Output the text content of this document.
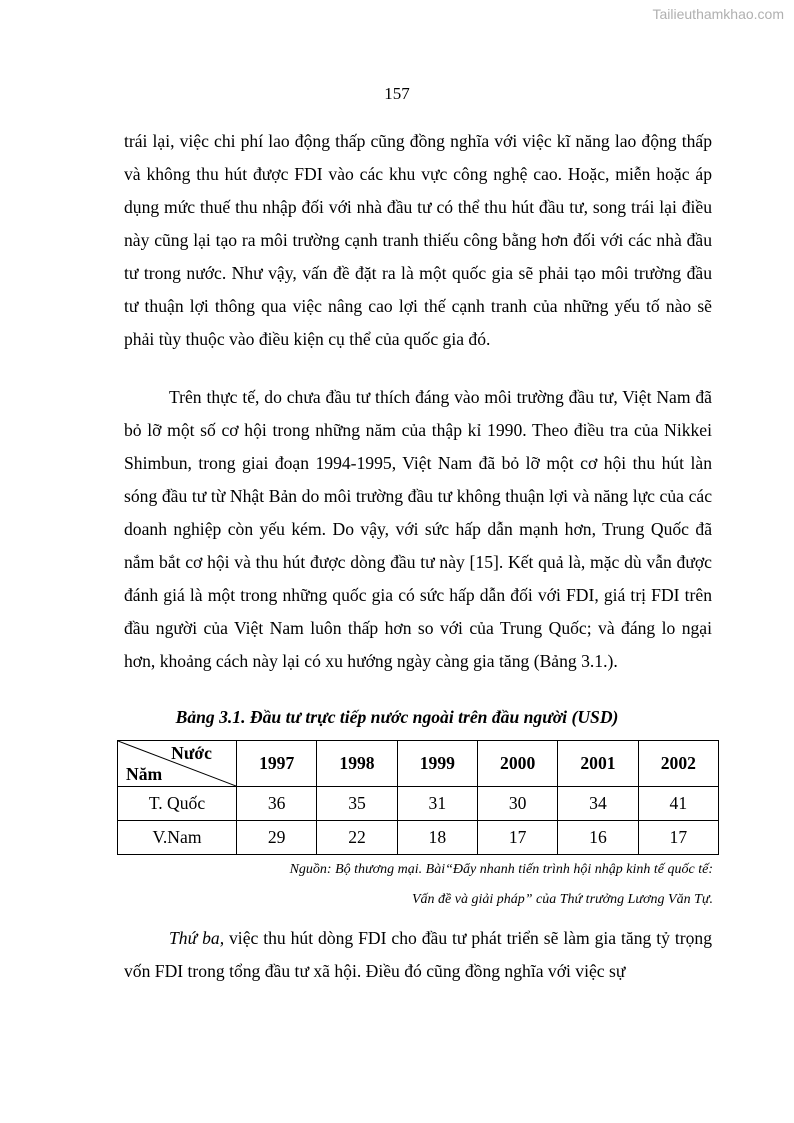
Tailieuthamkhao.com
157

trái lại, việc chi phí lao động thấp cũng đồng nghĩa với việc kĩ năng lao động thấp và không thu hút được FDI vào các khu vực công nghệ cao. Hoặc, miễn hoặc áp dụng mức thuế thu nhập đối với nhà đầu tư có thể thu hút đầu tư, song trái lại điều này cũng lại tạo ra môi trường cạnh tranh thiếu công bằng hơn đối với các nhà đầu tư trong nước. Như vậy, vấn đề đặt ra là một quốc gia sẽ phải tạo môi trường đầu tư thuận lợi thông qua việc nâng cao lợi thế cạnh tranh của những yếu tố nào sẽ phải tùy thuộc vào điều kiện cụ thể của quốc gia đó.

Trên thực tế, do chưa đầu tư thích đáng vào môi trường đầu tư, Việt Nam đã bỏ lỡ một số cơ hội trong những năm của thập kỉ 1990. Theo điều tra của Nikkei Shimbun, trong giai đoạn 1994-1995, Việt Nam đã bỏ lỡ một cơ hội thu hút làn sóng đầu tư từ Nhật Bản do môi trường đầu tư không thuận lợi và năng lực của các doanh nghiệp còn yếu kém. Do vậy, với sức hấp dẫn mạnh hơn, Trung Quốc đã nắm bắt cơ hội và thu hút được dòng đầu tư này [15]. Kết quả là, mặc dù vẫn được đánh giá là một trong những quốc gia có sức hấp dẫn đối với FDI, giá trị FDI trên đầu người của Việt Nam luôn thấp hơn so với của Trung Quốc; và đáng lo ngại hơn, khoảng cách này lại có xu hướng ngày càng gia tăng (Bảng 3.1.).

Bảng 3.1. Đầu tư trực tiếp nước ngoài trên đầu người (USD)
Nước
Năm	1997	1998	1999	2000	2001	2002
T. Quốc	36	35	31	30	34	41
V.Nam	29	22	18	17	16	17
Nguồn: Bộ thương mại. Bài“Đẩy nhanh tiến trình hội nhập kinh tế quốc tế:
Vấn đề và giải pháp” của Thứ trưởng Lương Văn Tự.

Thứ ba, việc thu hút dòng FDI cho đầu tư phát triển sẽ làm gia tăng tỷ trọng vốn FDI trong tổng đầu tư xã hội. Điều đó cũng đồng nghĩa với việc sự
